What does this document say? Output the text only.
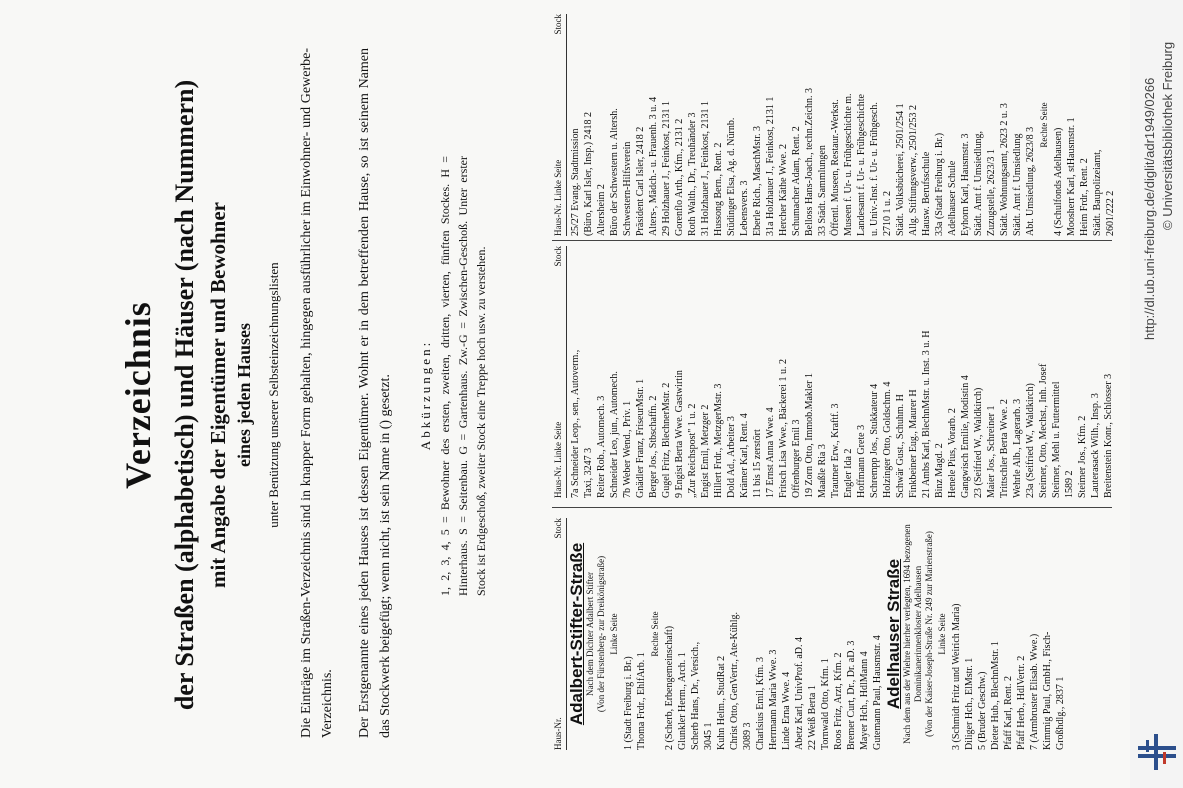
Verzeichnis der Straßen (alphabetisch) und Häuser (nach Nummern) mit Angabe der Eigentümer und Bewohner eines jeden Hauses unter Benützung unserer Selbsteinzeichnungslisten Die Einträge im Straßen-Verzeichnis sind in knapper Form gehalten, hingegen ausführlicher im Einwohner- und Gewerbe-Verzeichnis. Der Erstgenannte eines jeden Hauses ist dessen Eigentümer. Wohnt er in dem betreffenden Hause, so ist seinem Namen das Stockwerk beigefügt; wenn nicht, ist sein Name in () gesetzt. Abkürzungen: 1, 2, 3, 4, 5 = Bewohner des ersten, zweiten, dritten, vierten, fünften Stockes. H = Hinterhaus. S = Seitenbau. G = Gartenhaus. Zw.-G = Zwischen-Geschoß. Unter erster Stock ist Erdgeschoß, zweiter Stock eine Treppe hoch usw. zu verstehen.
Haus-Nr.
Stock
Adalbert-Stifter-Straße Nach dem Dichter Adalbert Stifter (Von der Fürstenberg- zur Dreikönigstraße) Linke Seite
1 (Stadt Freiburg i. Br.) Thoma Frdr., EhlfArb. 1
Rechte Seite 2 (Scherb, Erbengemeinschaft) Glunkler Herm., Arch. 1 Scherb Hans, Dr., Versich., 3045 1 Kuhn Helm., StudRat 2 Christ Otto, GenVertr., Ate-Kühlg. 3089 3 Charlsius Emil, Kfm. 3 Herrmann Maria Wwe. 3 Linde Erna Wwe. 4 Abetz Karl, UnivProf. aD. 4 22 Weiß Berta 1 Tornwald Otto, Kfm. 1 Roos Fritz, Arzt, Kfm. 2 Bremer Curt, Dr., Dr. aD. 3 Mayer Hch., HdlMann 4 Gutemann Paul, Hausmstr. 4 Adelhauser Straße Nach dem aus der Wiehre hierher verlegten, 1694 bezogenen Dominikanerinnenkloster Adelhausen (Von der Kaiser-Joseph-Straße Nr. 249 zur Marienstraße) Linke Seite 3 (Schmidt Fritz und Weirich Maria) Diliger Hch., ElMstr. 1 5 (Bruder Geschw.) Dieter Hub., BlechnMstr. 1 Pfaff Karl, Rent. 2 Pfaff Herb., HdlVertr. 2 7 (Armbruster Elisab. Wwe.) Kimmig Paul, GmbH., Fisch- Großhdlg., 2837 1
Haus-Nr. Linke Seite
Stock
7a Schneider Leop., sen., Autoverm., Taxi, 3247 3 Reiter Rob., Automech. 3 Schneider Leo, jun., Automech. 7b Weber Wend., Priv. 1 Gnädler Franz, FriseurMstr. 1 Berger Jos., Stbschaffn. 2 Gugel Fritz, BlechnerMstr. 2 9 Engist Berta Wwe. Gastwirtin „Zur Reichspost" 1 u. 2 Engist Emil, Metzger 2 Hillert Frdr., MetzgerMstr. 3 Dold Ad., Arbeiter 3 Krämer Karl, Rent. 4 11 bis 15 zerstört 17 Ernst Anna Wwe. 4 Fritsch Lisa Wwe., Bäckerei 1 u. 2 Offenburger Emil 3 19 Zorn Otto, Immob.Makler 1 Maaßle Ria 3 Trautner Erw., Kraftf. 3 Engler Ida 2 Hoffmann Grete 3 Schrempp Jos., Stukkateur 4 Holzinger Otto, Goldschm. 4 Schwär Gust., Schuhm. H Finkbeiner Eug., Maurer H 21 Ambs Karl, BlechnMstr. u. Inst. 3 u. H Binz Magd. 2 Henele Pius, Vorarb. 2 Gangwisch Emilie, Modistin 4 23 (Seifried W., Waldkirch) Maier Jos., Schreiner 1 Trittschler Berta Wwe. 2 Wehrle Alb., Lagerarb. 3 23a (Seifried W., Waldkirch) Steimer, Otto, Mechst., Inh. Josef Steimer, Mehl u. Futtermittel 1589 2 Steimer Jos., Kfm. 2 Lauterasack Wilh., Insp. 3 Breitenstein Konr., Schlosser 3
Haus-Nr. Linke Seite
Stock
25/27 Evang. Stadtmission (Büro, Karl Isler, Insp.) 2418 2 Altersheim 2 Büro der Schwestern u. Altersh. Schwestern-Hilfsverein Präsident Carl Isler, 2418 2 Alters-, Mädch.- u. Frauenh. 3 u. 4 29 Holzhauer J., Feinkost, 2131 1 Gorenflo Arth., Kfm., 2131 2 Roth Walth., Dr., Treuhänder 3 31 Holzhauer J., Feinkost, 2131 1 Hussong Bern., Rent. 2 Stüdinger Elsa, Ag. d. Nürnb. Lebensvers. 3 Eberle Rich., MaschMstr. 3 31a Holzhauer J., Feinkost, 2131 1 Hercher Käthe Wwe. 2 Schumacher Adam, Rent. 2 Belloss Hans-Joach., techn.Zeichn. 3 33 Städt. Sammlungen Öffentl. Museen, Restaur.-Werkst. Museen f. Ur- u. Frühgeschichte m. Landesamt f. Ur- u. Frühgeschichte u. Univ.-Inst. f. Ur- u. Frühgesch. 2710 1 u. 2 Städt. Volksbücherei, 2501/254 1 Allg. Stiftungsverw., 2501/253 2 Hausw. Berufsschule 33a (Stadt Freiburg i. Br.) Adelhauser Schule Eyhorn Karl, Hausmstr. 3 Städt. Amt f. Umsiedlung, Zuzugstelle, 2623/3 1 Städt. Wohnungsamt, 2623 2 u. 3 Städt. Amt f. Umsiedlung Abt. Umsiedlung, 2623/8 3
Rechte Seite
4 (Schulfonds Adelhausen) Moosherr Karl, stHausmstr. 1 Heim Frdr., Rent. 2 Städt. Baupolizeiamt, 2601/222 2 http://dl.ub.uni-freiburg.de/diglit/adr1949/0266 © Universitätsbibliothek Freiburg
